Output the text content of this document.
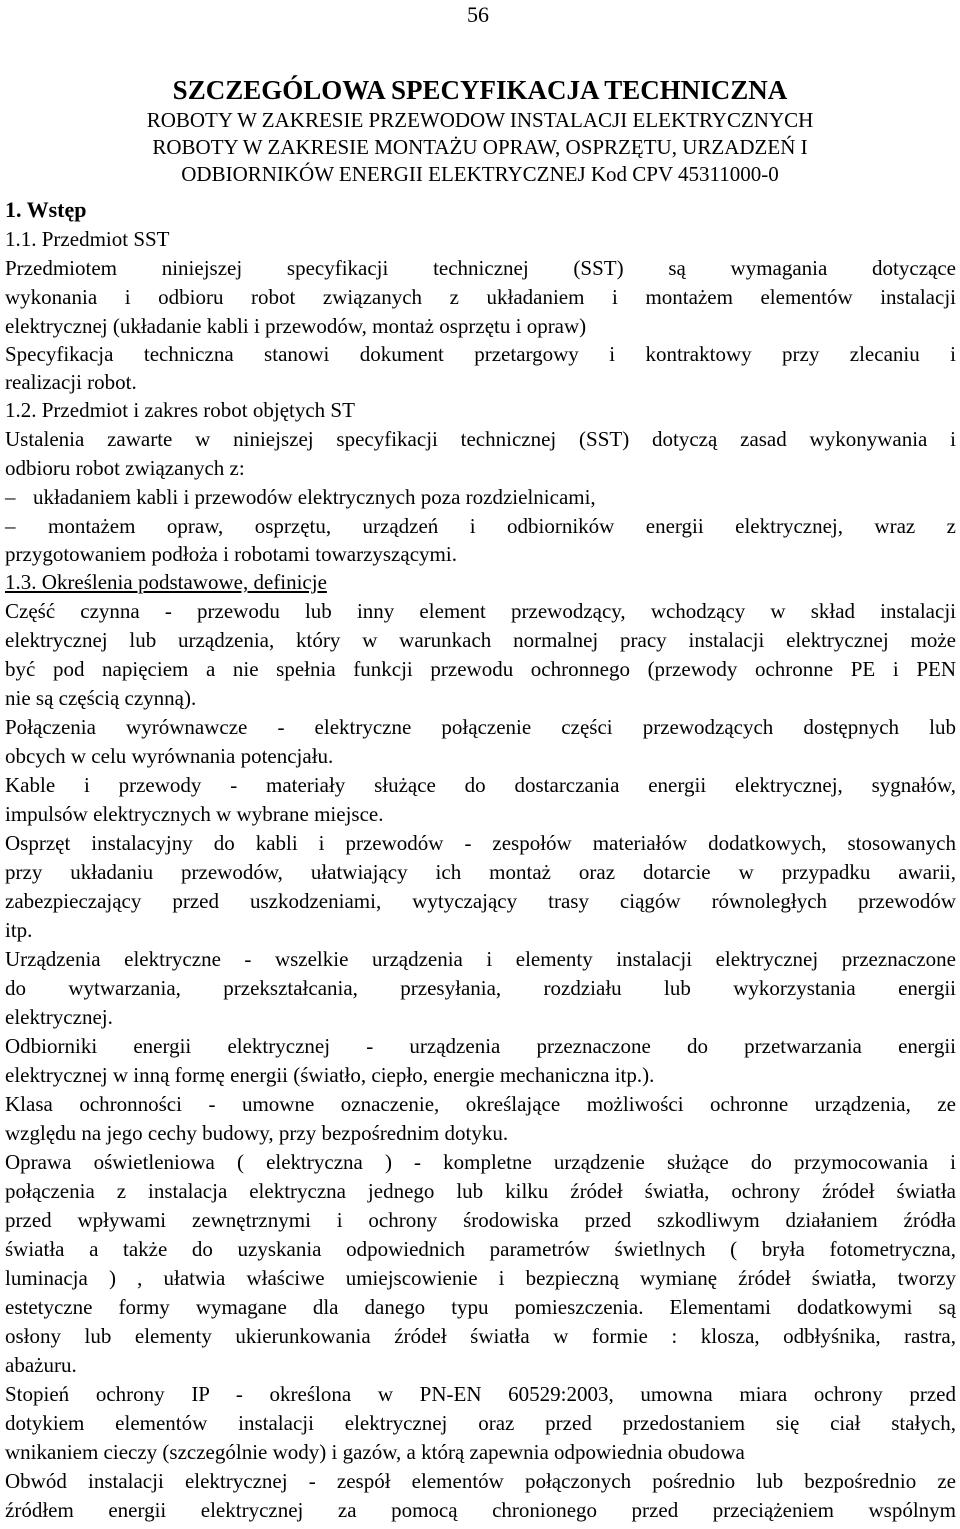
56
SZCZEGÓLOWA SPECYFIKACJA TECHNICZNA
ROBOTY W ZAKRESIE PRZEWODOW INSTALACJI ELEKTRYCZNYCH
ROBOTY W ZAKRESIE MONTAŻU OPRAW, OSPRZĘTU, URZADZEŃ I
ODBIORNIKÓW ENERGII ELEKTRYCZNEJ Kod CPV 45311000-0
1. Wstęp
1.1. Przedmiot SST
Przedmiotem niniejszej specyfikacji technicznej (SST) są wymagania dotyczące
wykonania i odbioru robot związanych z układaniem i montażem elementów instalacji
elektrycznej (układanie kabli i przewodów, montaż osprzętu i opraw)
Specyfikacja techniczna stanowi dokument przetargowy i kontraktowy przy zlecaniu i
realizacji robot.
1.2. Przedmiot i zakres robot objętych ST
Ustalenia zawarte w niniejszej specyfikacji technicznej (SST) dotyczą zasad wykonywania i
odbioru robot związanych z:
– układaniem kabli i przewodów elektrycznych poza rozdzielnicami,
– montażem opraw, osprzętu, urządzeń i odbiorników energii elektrycznej, wraz z
przygotowaniem podłoża i robotami towarzyszącymi.
1.3. Określenia podstawowe, definicje
Część czynna - przewodu lub inny element przewodzący, wchodzący w skład instalacji
elektrycznej lub urządzenia, który w warunkach normalnej pracy instalacji elektrycznej może
być pod napięciem a nie spełnia funkcji przewodu ochronnego (przewody ochronne PE i PEN
nie są częścią czynną).
Połączenia wyrównawcze - elektryczne połączenie części przewodzących dostępnych lub
obcych w celu wyrównania potencjału.
Kable i przewody - materiały służące do dostarczania energii elektrycznej, sygnałów,
impulsów elektrycznych w wybrane miejsce.
Osprzęt instalacyjny do kabli i przewodów - zespołów materiałów dodatkowych, stosowanych
przy układaniu przewodów, ułatwiający ich montaż oraz dotarcie w przypadku awarii,
zabezpieczający przed uszkodzeniami, wytyczający trasy ciągów równoległych przewodów
itp.
Urządzenia elektryczne - wszelkie urządzenia i elementy instalacji elektrycznej przeznaczone
do wytwarzania, przekształcania, przesyłania, rozdziału lub wykorzystania energii
elektrycznej.
Odbiorniki energii elektrycznej - urządzenia przeznaczone do przetwarzania energii
elektrycznej w inną formę energii (światło, ciepło, energie mechaniczna itp.).
Klasa ochronności - umowne oznaczenie, określające możliwości ochronne urządzenia, ze
względu na jego cechy budowy, przy bezpośrednim dotyku.
Oprawa oświetleniowa ( elektryczna ) - kompletne urządzenie służące do przymocowania i
połączenia z instalacja elektryczna jednego lub kilku źródeł światła, ochrony źródeł światła
przed wpływami zewnętrznymi i ochrony środowiska przed szkodliwym działaniem źródła
światła a także do uzyskania odpowiednich parametrów świetlnych ( bryła fotometryczna,
luminacja ) , ułatwia właściwe umiejscowienie i bezpieczną wymianę źródeł światła, tworzy
estetyczne formy wymagane dla danego typu pomieszczenia. Elementami dodatkowymi są
osłony lub elementy ukierunkowania źródeł światła w formie : klosza, odbłyśnika, rastra,
abażuru.
Stopień ochrony IP - określona w PN-EN 60529:2003, umowna miara ochrony przed
dotykiem elementów instalacji elektrycznej oraz przed przedostaniem się ciał stałych,
wnikaniem cieczy (szczególnie wody) i gazów, a którą zapewnia odpowiednia obudowa
Obwód instalacji elektrycznej - zespół elementów połączonych pośrednio lub bezpośrednio ze
źródłem energii elektrycznej za pomocą chronionego przed przeciążeniem wspólnym
